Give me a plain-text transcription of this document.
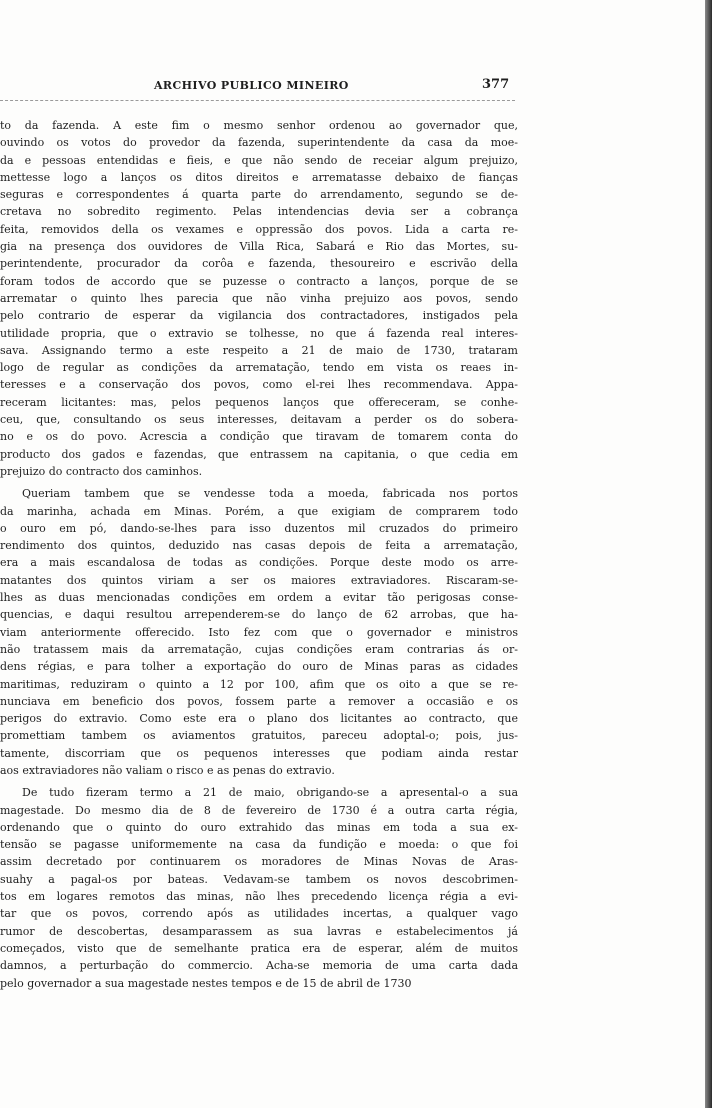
ARCHIVO PUBLICO MINEIRO	377
to da fazenda. A este fim o mesmo senhor ordenou ao governador que,
ouvindo os votos do provedor da fazenda, superintendente da casa da moe-
da e pessoas entendidas e fieis, e que não sendo de receiar algum prejuizo,
mettesse logo a lanços os ditos direitos e arrematasse debaixo de fianças
seguras e correspondentes á quarta parte do arrendamento, segundo se de-
cretava no sobredito regimento. Pelas intendencias devia ser a cobrança
feita, removidos della os vexames e oppressão dos povos. Lida a carta re-
gia na presença dos ouvidores de Villa Rica, Sabará e Rio das Mortes, su-
perintendente, procurador da corôa e fazenda, thesoureiro e escrivão della
foram todos de accordo que se puzesse o contracto a lanços, porque de se
arrematar o quinto lhes parecia que não vinha prejuizo aos povos, sendo
pelo contrario de esperar da vigilancia dos contractadores, instigados pela
utilidade propria, que o extravio se tolhesse, no que á fazenda real interes-
sava. Assignando termo a este respeito a 21 de maio de 1730, trataram
logo de regular as condições da arrematação, tendo em vista os reaes in-
teresses e a conservação dos povos, como el-rei lhes recommendava. Appa-
receram licitantes: mas, pelos pequenos lanços que offereceram, se conhe-
ceu, que, consultando os seus interesses, deitavam a perder os do sobera-
no e os do povo. Acrescia a condição que tiravam de tomarem conta do
producto dos gados e fazendas, que entrassem na capitania, o que cedia em
prejuizo do contracto dos caminhos.
Queriam tambem que se vendesse toda a moeda, fabricada nos portos
da marinha, achada em Minas. Porém, a que exigiam de comprarem todo
o ouro em pó, dando-se-lhes para isso duzentos mil cruzados do primeiro
rendimento dos quintos, deduzido nas casas depois de feita a arrematação,
era a mais escandalosa de todas as condições. Porque deste modo os arre-
matantes dos quintos viriam a ser os maiores extraviadores. Riscaram-se-
lhes as duas mencionadas condições em ordem a evitar tão perigosas conse-
quencias, e daqui resultou arrependerem-se do lanço de 62 arrobas, que ha-
viam anteriormente offerecido. Isto fez com que o governador e ministros
não tratassem mais da arrematação, cujas condições eram contrarias ás or-
dens régias, e para tolher a exportação do ouro de Minas paras as cidades
maritimas, reduziram o quinto a 12 por 100, afim que os oito a que se re-
nunciava em beneficio dos povos, fossem parte a remover a occasião e os
perigos do extravio. Como este era o plano dos licitantes ao contracto, que
promettiam tambem os aviamentos gratuitos, pareceu adoptal-o; pois, jus-
tamente, discorriam que os pequenos interesses que podiam ainda restar
aos extraviadores não valiam o risco e as penas do extravio.
De tudo fizeram termo a 21 de maio, obrigando-se a apresental-o a sua
magestade. Do mesmo dia de 8 de fevereiro de 1730 é a outra carta régia,
ordenando que o quinto do ouro extrahido das minas em toda a sua ex-
tensão se pagasse uniformemente na casa da fundição e moeda: o que foi
assim decretado por continuarem os moradores de Minas Novas de Aras-
suahy a pagal-os por bateas. Vedavam-se tambem os novos descobrimen-
tos em logares remotos das minas, não lhes precedendo licença régia a evi-
tar que os povos, correndo após as utilidades incertas, a qualquer vago
rumor de descobertas, desamparassem as sua lavras e estabelecimentos já
começados, visto que de semelhante pratica era de esperar, além de muitos
damnos, a perturbação do commercio. Acha-se memoria de uma carta dada
pelo governador a sua magestade nestes tempos e de 15 de abril de 1730
